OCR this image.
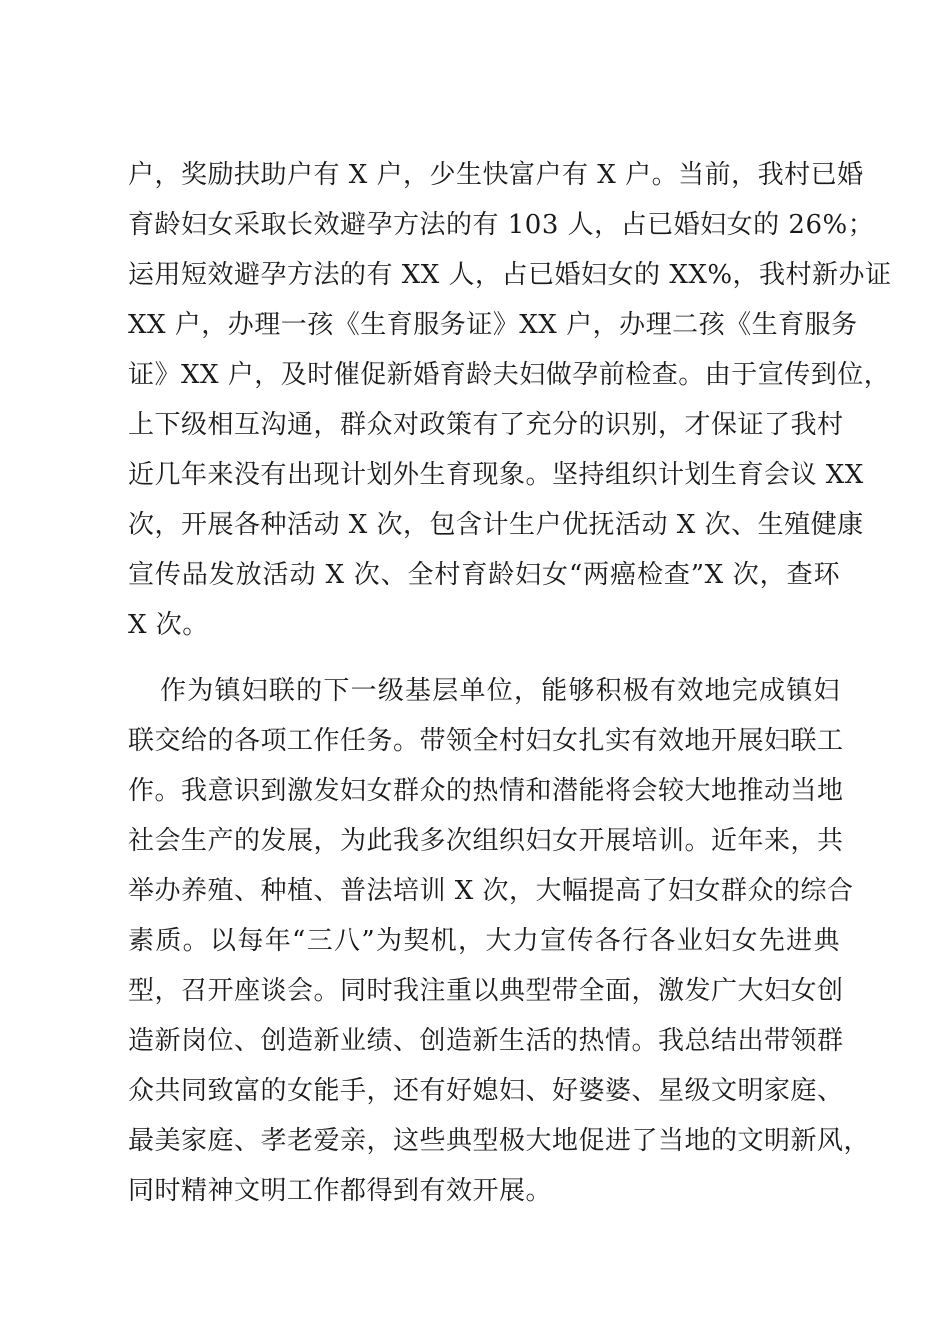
户，奖励扶助户有 X 户，少生快富户有 X 户。当前，我村已婚
育龄妇女采取长效避孕方法的有 103 人，占已婚妇女的 26%；
运用短效避孕方法的有 XX 人，占已婚妇女的 XX%，我村新办证
XX 户，办理一孩《生育服务证》XX 户，办理二孩《生育服务
证》XX 户，及时催促新婚育龄夫妇做孕前检查。由于宣传到位，
上下级相互沟通，群众对政策有了充分的识别，才保证了我村
近几年来没有出现计划外生育现象。坚持组织计划生育会议 XX
次，开展各种活动 X 次，包含计生户优抚活动 X 次、生殖健康
宣传品发放活动 X 次、全村育龄妇女“两癌检查”X 次，查环
X 次。
作为镇妇联的下一级基层单位，能够积极有效地完成镇妇
联交给的各项工作任务。带领全村妇女扎实有效地开展妇联工
作。我意识到激发妇女群众的热情和潜能将会较大地推动当地
社会生产的发展，为此我多次组织妇女开展培训。近年来，共
举办养殖、种植、普法培训 X 次，大幅提高了妇女群众的综合
素质。以每年“三八”为契机，大力宣传各行各业妇女先进典
型，召开座谈会。同时我注重以典型带全面，激发广大妇女创
造新岗位、创造新业绩、创造新生活的热情。我总结出带领群
众共同致富的女能手，还有好媳妇、好婆婆、星级文明家庭、
最美家庭、孝老爱亲，这些典型极大地促进了当地的文明新风，
同时精神文明工作都得到有效开展。
